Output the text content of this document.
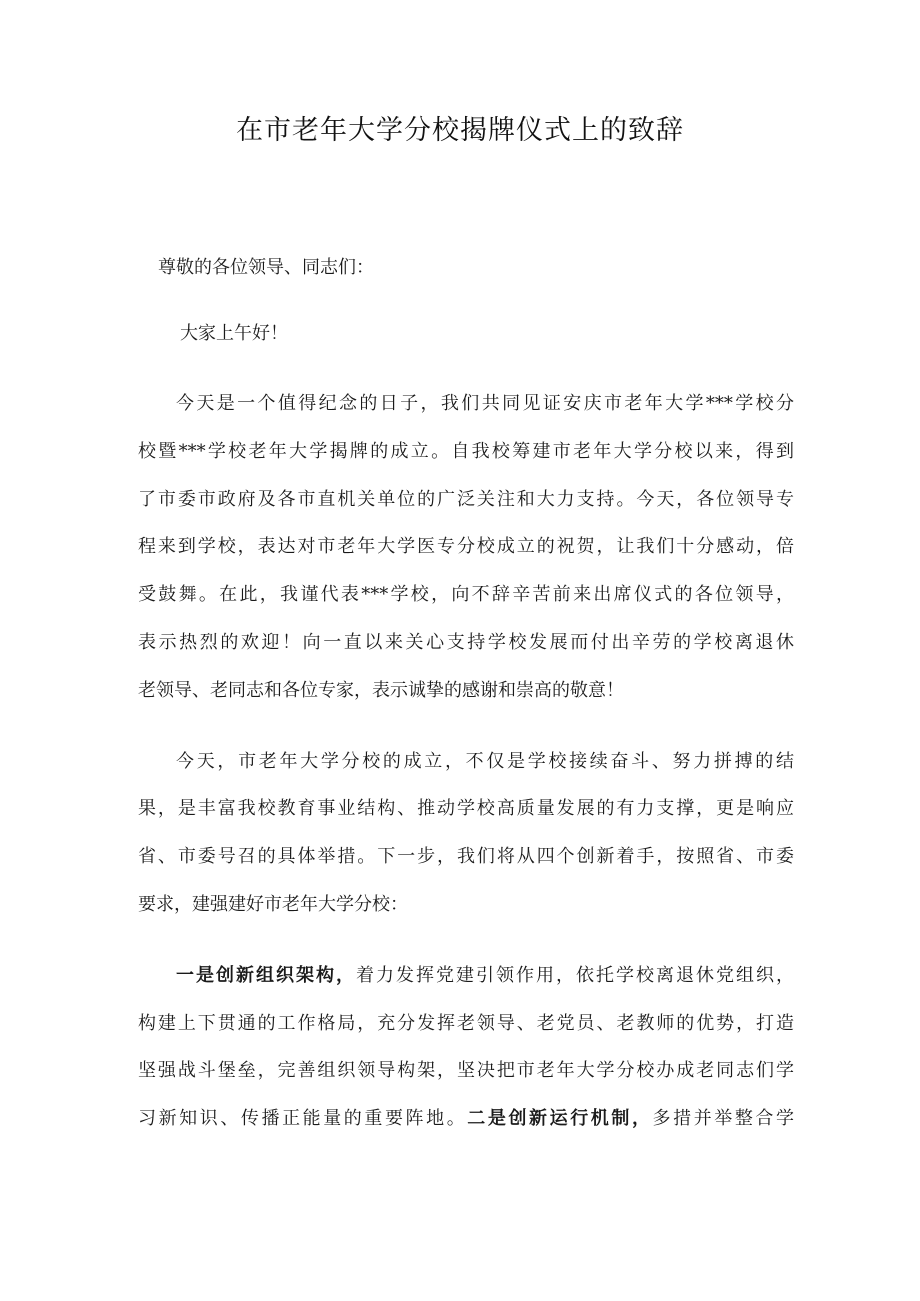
在市老年大学分校揭牌仪式上的致辞

尊敬的各位领导、同志们：

大家上午好！

今天是一个值得纪念的日子，我们共同见证安庆市老年大学***学校分

校暨***学校老年大学揭牌的成立。自我校筹建市老年大学分校以来，得到

了市委市政府及各市直机关单位的广泛关注和大力支持。今天，各位领导专

程来到学校，表达对市老年大学医专分校成立的祝贺，让我们十分感动，倍

受鼓舞。在此，我谨代表***学校，向不辞辛苦前来出席仪式的各位领导，

表示热烈的欢迎！向一直以来关心支持学校发展而付出辛劳的学校离退休

老领导、老同志和各位专家，表示诚挚的感谢和崇高的敬意！

今天，市老年大学分校的成立，不仅是学校接续奋斗、努力拼搏的结

果，是丰富我校教育事业结构、推动学校高质量发展的有力支撑，更是响应

省、市委号召的具体举措。下一步，我们将从四个创新着手，按照省、市委

要求，建强建好市老年大学分校：

一是创新组织架构，着力发挥党建引领作用，依托学校离退休党组织，

构建上下贯通的工作格局，充分发挥老领导、老党员、老教师的优势，打造

坚强战斗堡垒，完善组织领导构架，坚决把市老年大学分校办成老同志们学

习新知识、传播正能量的重要阵地。二是创新运行机制，多措并举整合学
